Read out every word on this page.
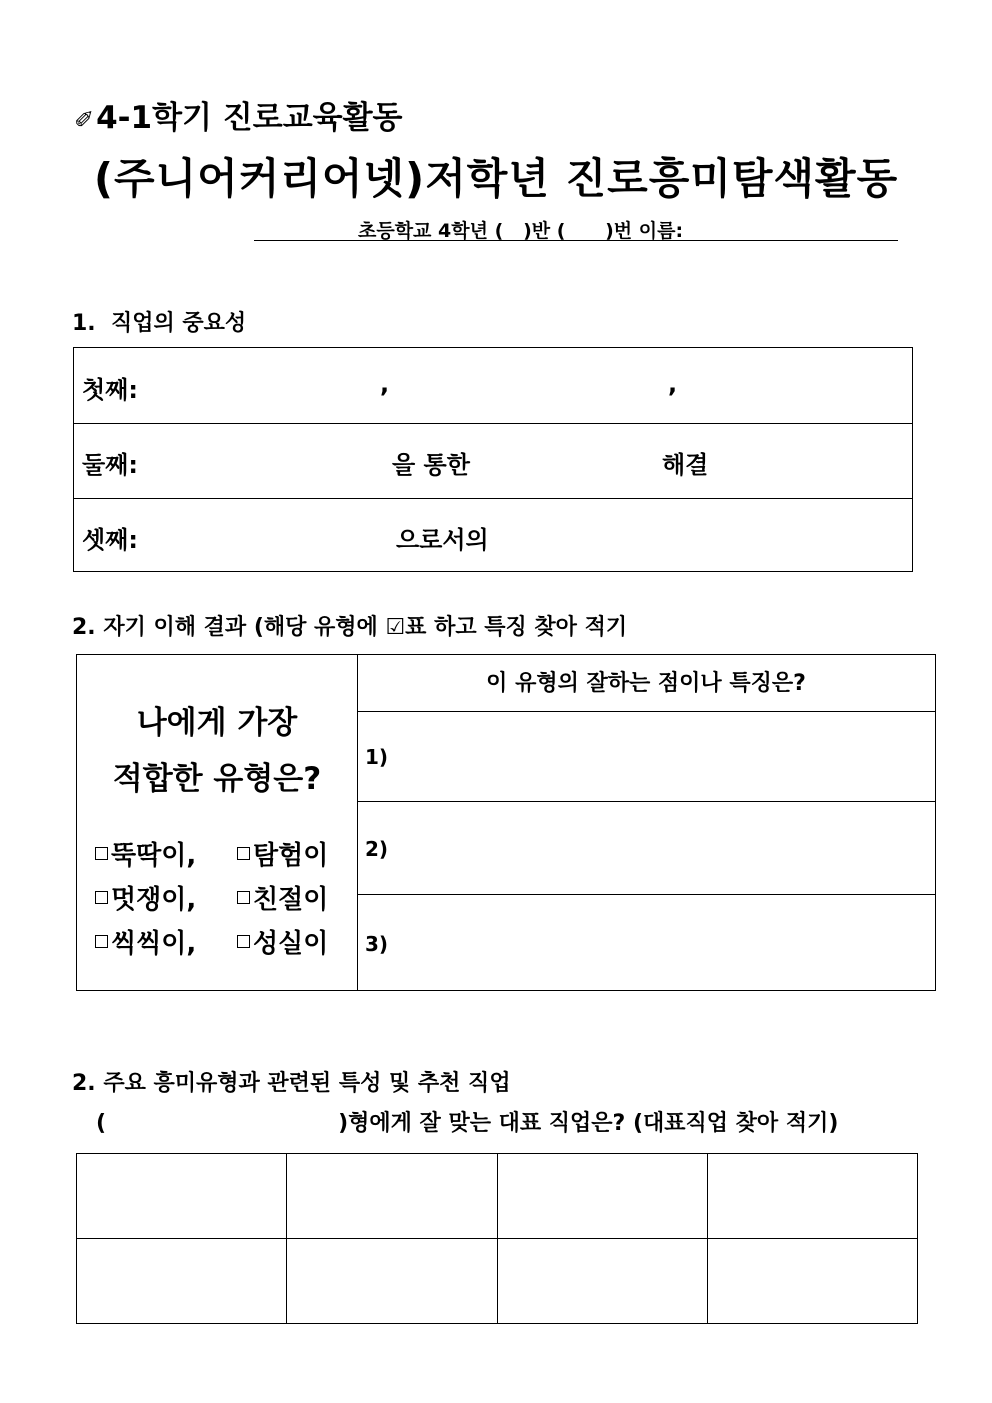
✐4-1학기 진로교육활동
(주니어커리어넷)저학년 진로흥미탐색활동
초등학교 4학년 (   )반 (      )번 이름:
1.  직업의 중요성
첫째:	,	,
둘째:	을 통한	해결
셋째:	으로서의
2. 자기 이해 결과 (해당 유형에 ☑표 하고 특징 찾아 적기
나에게 가장
적합한 유형은?
뚝딱이,	탐험이
멋쟁이,	친절이
씩씩이,	성실이
이 유형의 잘하는 점이나 특징은?
1)
2)
3)
2. 주요 흥미유형과 관련된 특성 및 추천 직업
(	)형에게 잘 맞는 대표 직업은? (대표직업 찾아 적기)
